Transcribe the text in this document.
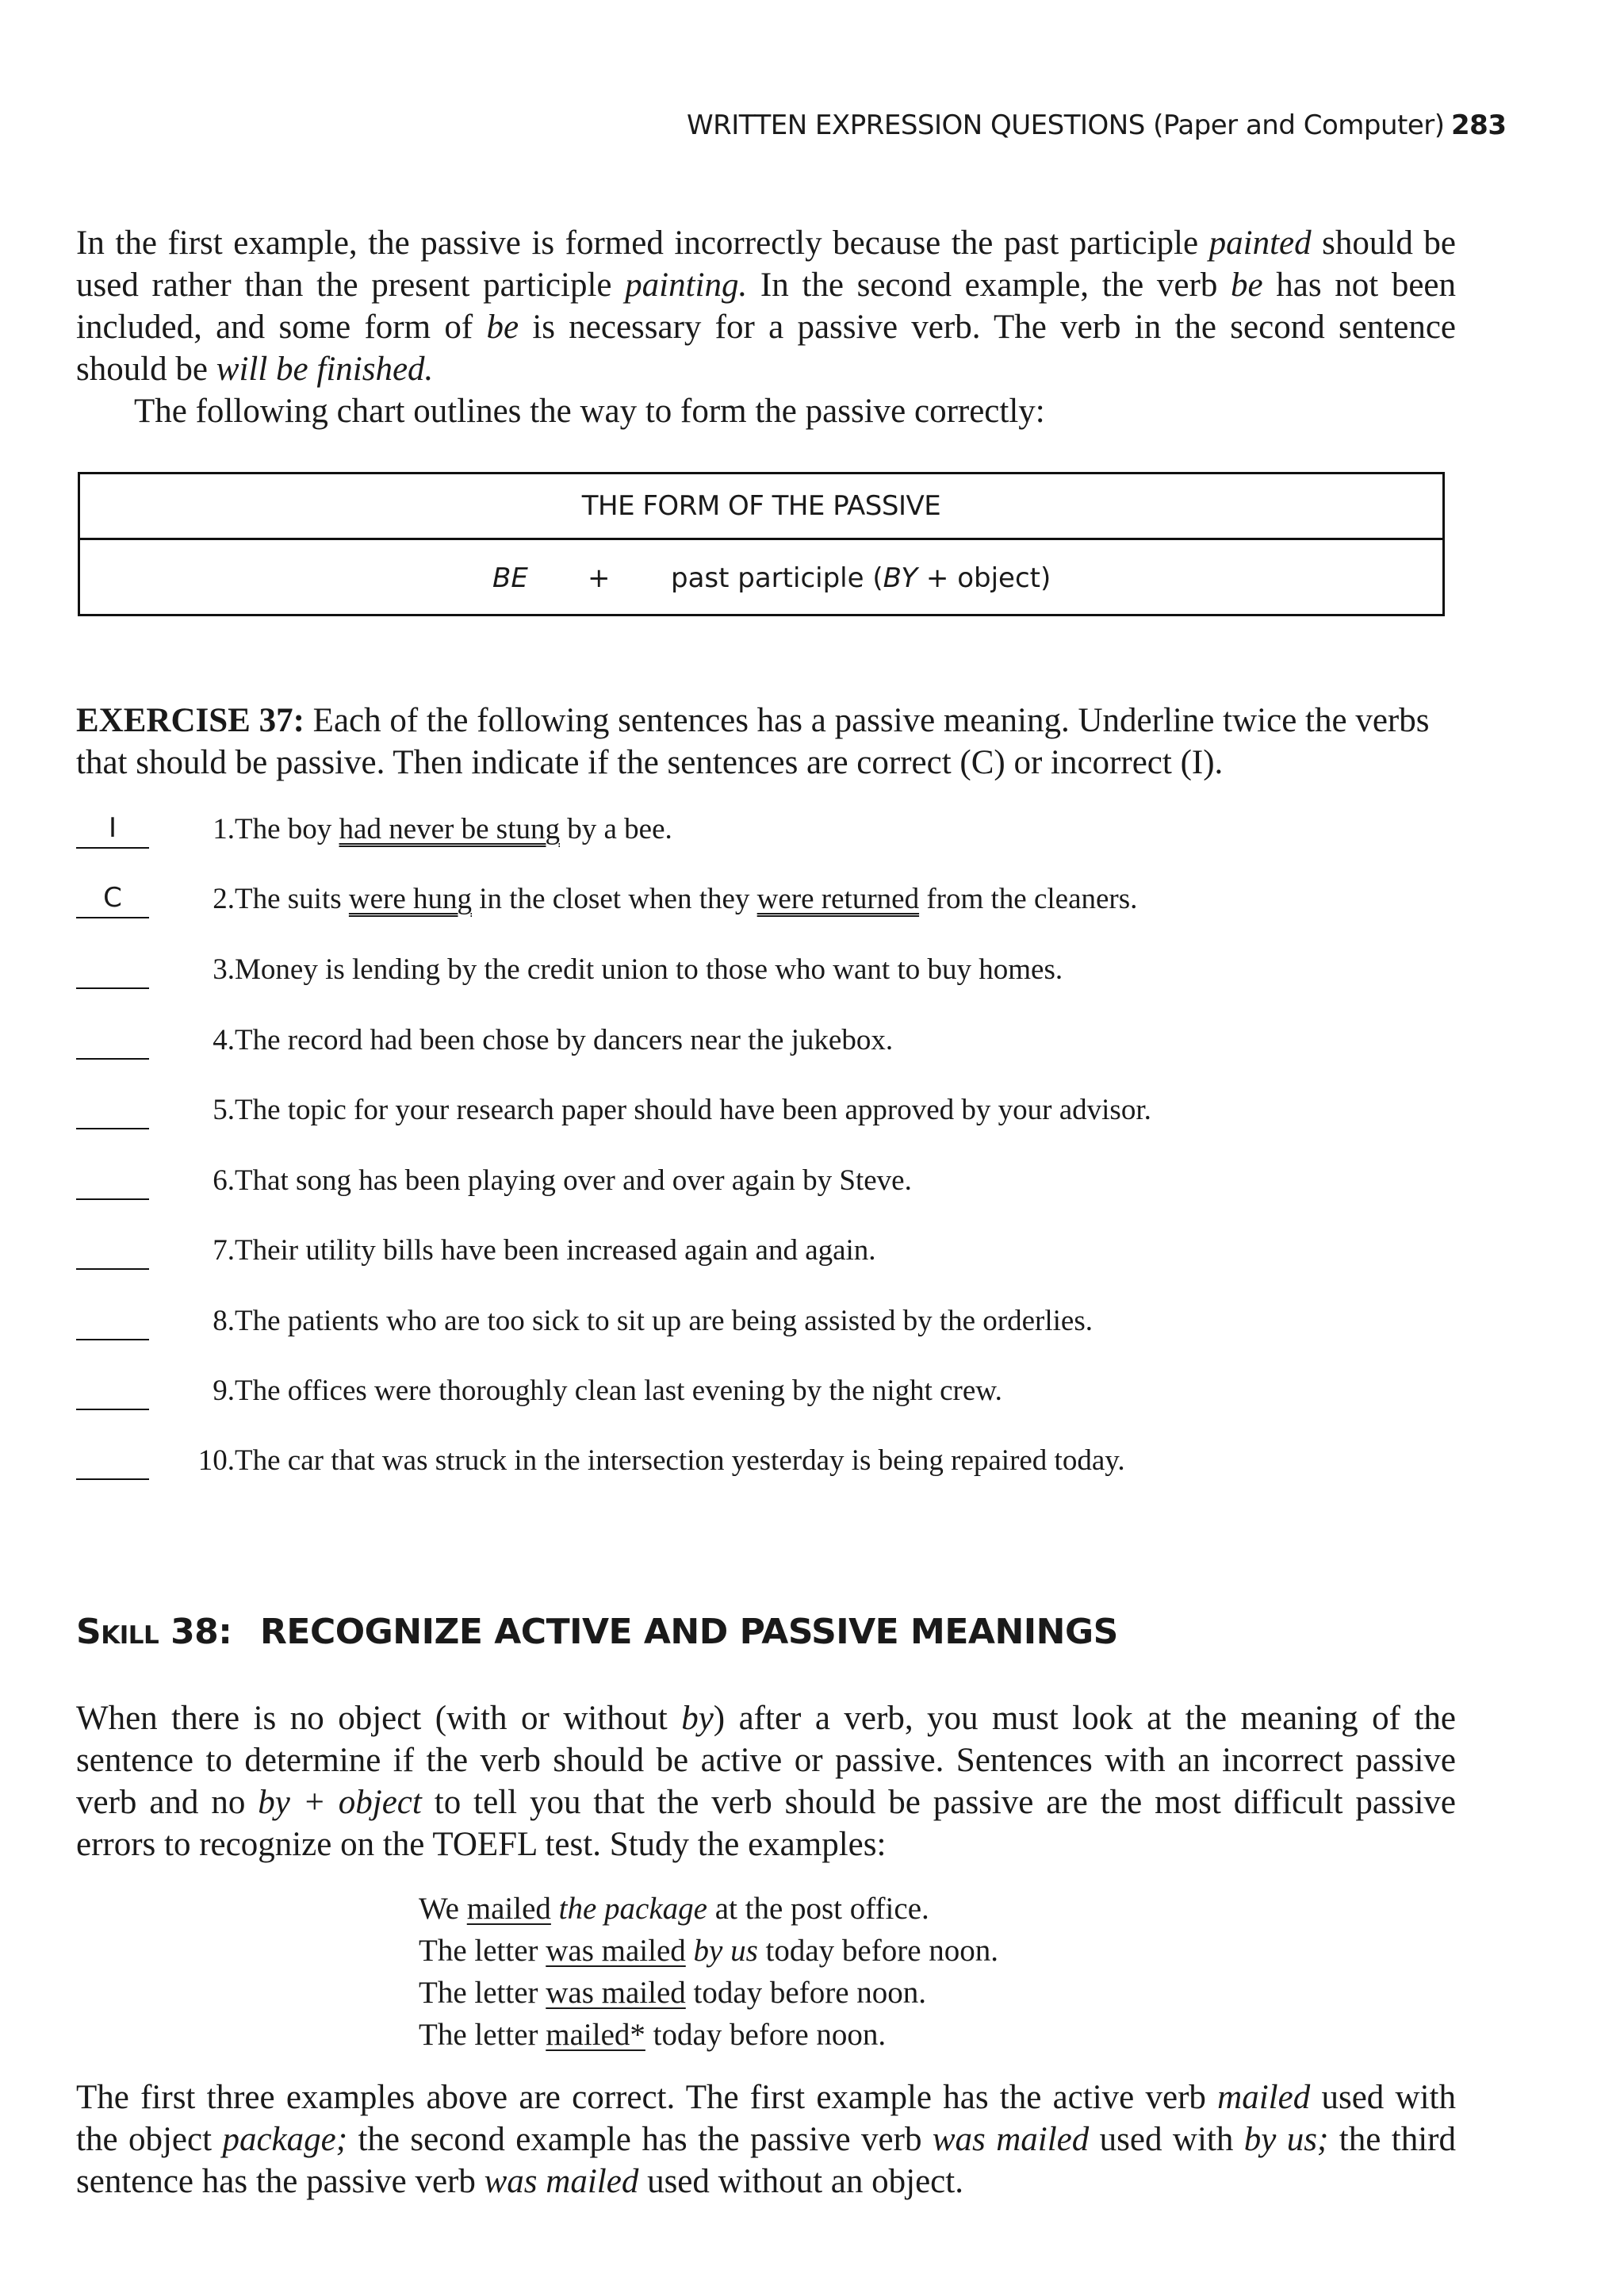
WRITTEN EXPRESSION QUESTIONS (Paper and Computer) 283

In the first example, the passive is formed incorrectly because the past participle painted should be used rather than the present participle painting. In the second example, the verb be has not been included, and some form of be is necessary for a passive verb. The verb in the second sentence should be will be finished.

The following chart outlines the way to form the passive correctly:

THE FORM OF THE PASSIVE
BE + past participle (BY + object)
EXERCISE 37: Each of the following sentences has a passive meaning. Underline twice the verbs that should be passive. Then indicate if the sentences are correct (C) or incorrect (I).
I	1. The boy had never be stung by a bee.
C	2. The suits were hung in the closet when they were returned from the cleaners.
3. Money is lending by the credit union to those who want to buy homes.
4. The record had been chose by dancers near the jukebox.
5. The topic for your research paper should have been approved by your advisor.
6. That song has been playing over and over again by Steve.
7. Their utility bills have been increased again and again.
8. The patients who are too sick to sit up are being assisted by the orderlies.
9. The offices were thoroughly clean last evening by the night crew.
10. The car that was struck in the intersection yesterday is being repaired today.
Skill 38: RECOGNIZE ACTIVE AND PASSIVE MEANINGS

When there is no object (with or without by) after a verb, you must look at the meaning of the sentence to determine if the verb should be active or passive. Sentences with an incorrect passive verb and no by + object to tell you that the verb should be passive are the most difficult passive errors to recognize on the TOEFL test. Study the examples:

We mailed the package at the post office.
The letter was mailed by us today before noon.
The letter was mailed today before noon.
The letter mailed* today before noon.

The first three examples above are correct. The first example has the active verb mailed used with the object package; the second example has the passive verb was mailed used with by us; the third sentence has the passive verb was mailed used without an object.
